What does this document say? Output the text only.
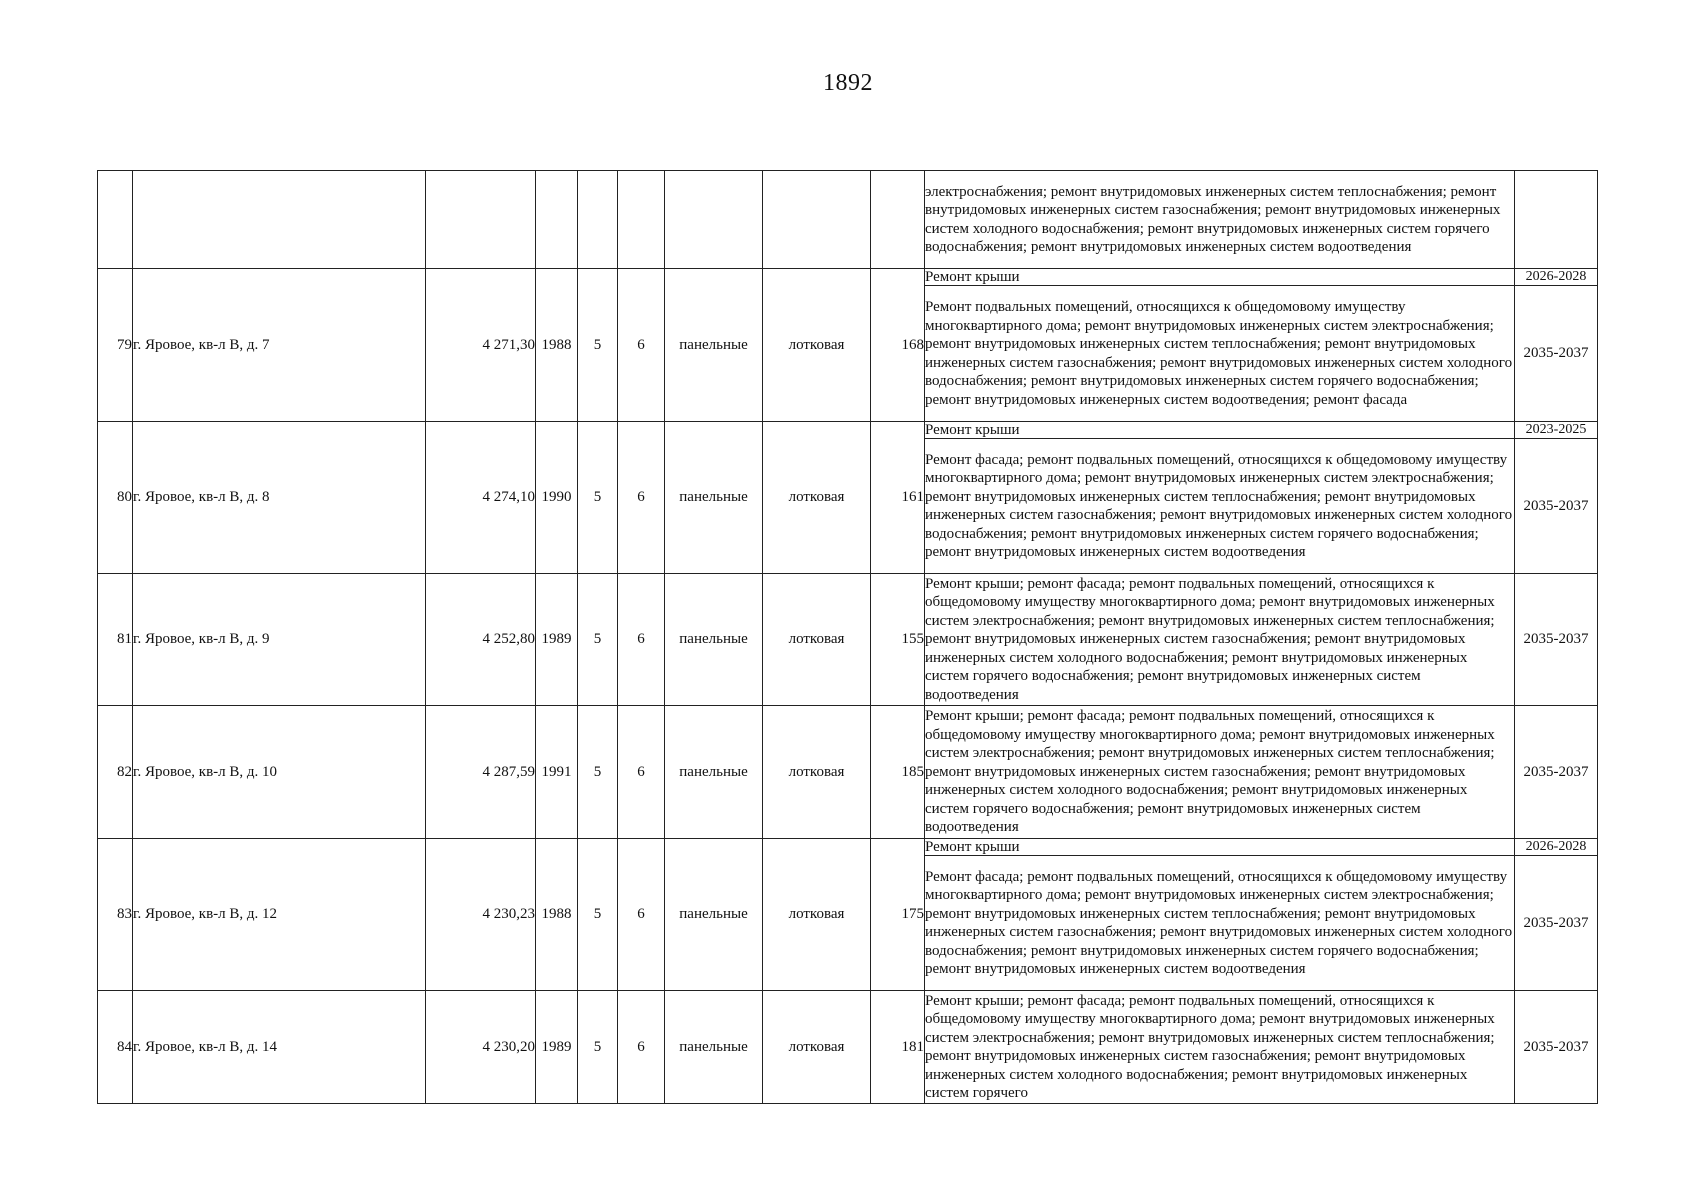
1892
									электроснабжения; ремонт внутридомовых инженерных систем теплоснабжения; ремонт внутридомовых инженерных систем газоснабжения; ремонт внутридомовых инженерных систем холодного водоснабжения; ремонт внутридомовых инженерных систем горячего водоснабжения; ремонт внутридомовых инженерных систем водоотведения	
79	г. Яровое, кв-л В, д. 7	4 271,30	1988	5	6	панельные	лотковая	168	Ремонт крыши	2026-2028
									Ремонт подвальных помещений, относящихся к общедомовому имуществу многоквартирного дома; ремонт внутридомовых инженерных систем электроснабжения; ремонт внутридомовых инженерных систем теплоснабжения; ремонт внутридомовых инженерных систем газоснабжения; ремонт внутридомовых инженерных систем холодного водоснабжения; ремонт внутридомовых инженерных систем горячего водоснабжения; ремонт внутридомовых инженерных систем водоотведения; ремонт фасада	2035-2037
80	г. Яровое, кв-л В, д. 8	4 274,10	1990	5	6	панельные	лотковая	161	Ремонт крыши	2023-2025
									Ремонт фасада; ремонт подвальных помещений, относящихся к общедомовому имуществу многоквартирного дома; ремонт внутридомовых инженерных систем электроснабжения; ремонт внутридомовых инженерных систем теплоснабжения; ремонт внутридомовых инженерных систем газоснабжения; ремонт внутридомовых инженерных систем холодного водоснабжения; ремонт внутридомовых инженерных систем горячего водоснабжения; ремонт внутридомовых инженерных систем водоотведения	2035-2037
81	г. Яровое, кв-л В, д. 9	4 252,80	1989	5	6	панельные	лотковая	155	Ремонт крыши; ремонт фасада; ремонт подвальных помещений, относящихся к общедомовому имуществу многоквартирного дома; ремонт внутридомовых инженерных систем электроснабжения; ремонт внутридомовых инженерных систем теплоснабжения; ремонт внутридомовых инженерных систем газоснабжения; ремонт внутридомовых инженерных систем холодного водоснабжения; ремонт внутридомовых инженерных систем горячего водоснабжения; ремонт внутридомовых инженерных систем водоотведения	2035-2037
82	г. Яровое, кв-л В, д. 10	4 287,59	1991	5	6	панельные	лотковая	185	Ремонт крыши; ремонт фасада; ремонт подвальных помещений, относящихся к общедомовому имуществу многоквартирного дома; ремонт внутридомовых инженерных систем электроснабжения; ремонт внутридомовых инженерных систем теплоснабжения; ремонт внутридомовых инженерных систем газоснабжения; ремонт внутридомовых инженерных систем холодного водоснабжения; ремонт внутридомовых инженерных систем горячего водоснабжения; ремонт внутридомовых инженерных систем водоотведения	2035-2037
83	г. Яровое, кв-л В, д. 12	4 230,23	1988	5	6	панельные	лотковая	175	Ремонт крыши	2026-2028
									Ремонт фасада; ремонт подвальных помещений, относящихся к общедомовому имуществу многоквартирного дома; ремонт внутридомовых инженерных систем электроснабжения; ремонт внутридомовых инженерных систем теплоснабжения; ремонт внутридомовых инженерных систем газоснабжения; ремонт внутридомовых инженерных систем холодного водоснабжения; ремонт внутридомовых инженерных систем горячего водоснабжения; ремонт внутридомовых инженерных систем водоотведения	2035-2037
84	г. Яровое, кв-л В, д. 14	4 230,20	1989	5	6	панельные	лотковая	181	Ремонт крыши; ремонт фасада; ремонт подвальных помещений, относящихся к общедомовому имуществу многоквартирного дома; ремонт внутридомовых инженерных систем электроснабжения; ремонт внутридомовых инженерных систем теплоснабжения; ремонт внутридомовых инженерных систем газоснабжения; ремонт внутридомовых инженерных систем холодного водоснабжения; ремонт внутридомовых инженерных систем горячего	2035-2037
